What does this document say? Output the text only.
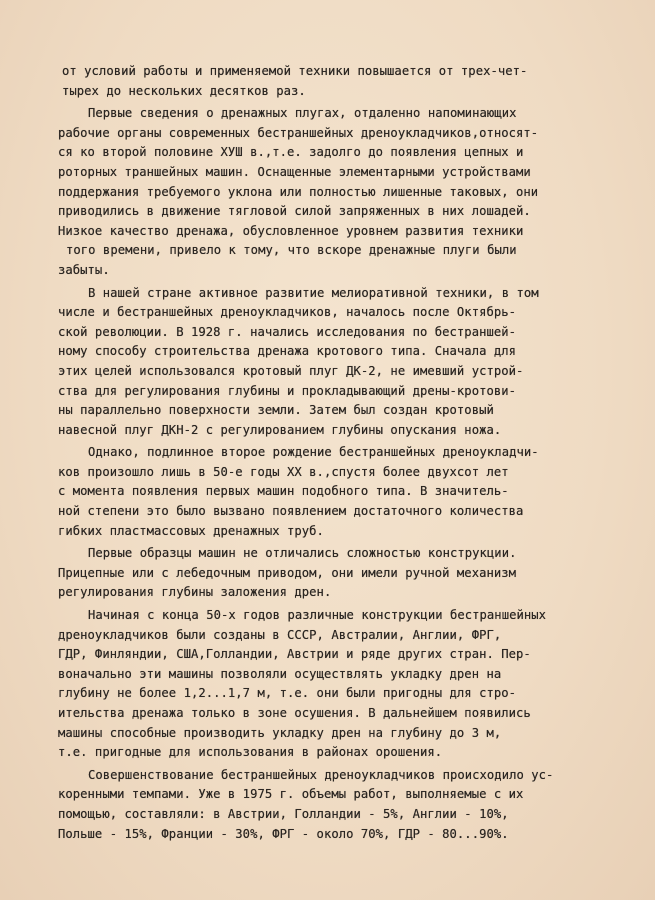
от условий работы и применяемой техники повышается от трех-чет-
тырех до нескольких десятков раз.
Первые сведения о дренажных плугах, отдаленно напоминающих
рабочие органы современных бестраншейных дреноукладчиков,относят-
ся ко второй половине ХУШ в.,т.е. задолго до появления цепных и
роторных траншейных машин. Оснащенные элементарными устройствами
поддержания требуемого уклона или полностью лишенные таковых, они
приводились в движение тягловой силой запряженных в них лошадей.
Низкое качество дренажа, обусловленное уровнем развития техники
того времени, привело к тому, что вскоре дренажные плуги были
забыты.
В нашей стране активное развитие мелиоративной техники, в том
числе и бестраншейных дреноукладчиков, началось после Октябрь-
ской революции. В 1928 г. начались исследования по бестраншей-
ному способу строительства дренажа кротового типа. Сначала для
этих целей использовался кротовый плуг ДК-2, не имевший устрой-
ства для регулирования глубины и прокладывающий дрены-кротови-
ны параллельно поверхности земли. Затем был создан кротовый
навесной плуг ДКН-2 с регулированием глубины опускания ножа.
Однако, подлинное второе рождение бестраншейных дреноукладчи-
ков произошло лишь в 50-е годы XX в.,спустя более двухсот лет
с момента появления первых машин подобного типа. В значитель-
ной степени это было вызвано появлением достаточного количества
гибких пластмассовых дренажных труб.
Первые образцы машин не отличались сложностью конструкции.
Прицепные или с лебедочным приводом, они имели ручной механизм
регулирования глубины заложения дрен.
Начиная с конца 50-х годов различные конструкции бестраншейных
дреноукладчиков были созданы в СССР, Австралии, Англии, ФРГ,
ГДР, Финляндии, США,Голландии, Австрии и ряде других стран. Пер-
воначально эти машины позволяли осуществлять укладку дрен на
глубину не более 1,2...1,7 м, т.е. они были пригодны для стро-
ительства дренажа только в зоне осушения. В дальнейшем появились
машины способные производить укладку дрен на глубину до 3 м,
т.е. пригодные для использования в районах орошения.
Совершенствование бестраншейных дреноукладчиков происходило ус-
коренными темпами. Уже в 1975 г. объемы работ, выполняемые с их
помощью, составляли: в Австрии, Голландии - 5%, Англии - 10%,
Польше - 15%, Франции - 30%, ФРГ - около 70%, ГДР - 80...90%.
